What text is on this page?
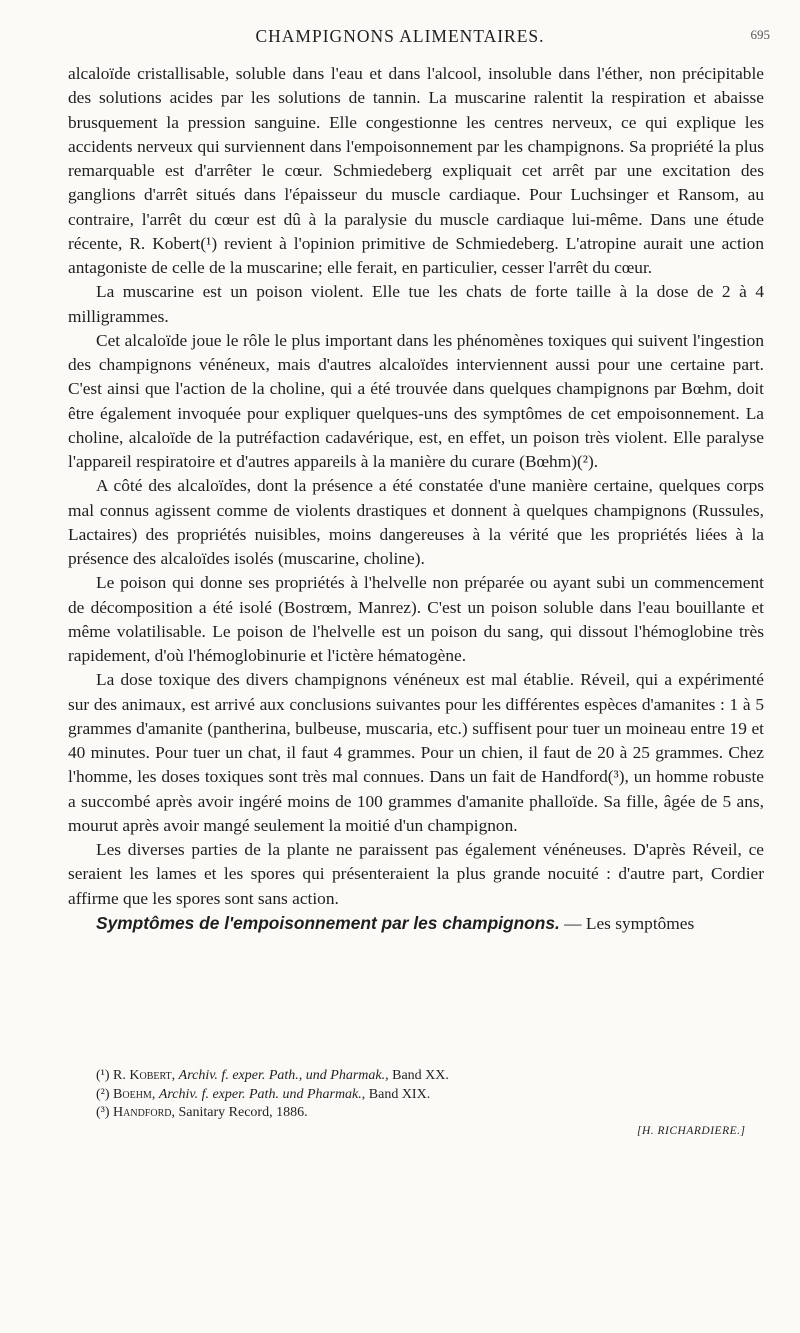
CHAMPIGNONS ALIMENTAIRES.	695

alcaloïde cristallisable, soluble dans l'eau et dans l'alcool, insoluble dans l'éther, non précipitable des solutions acides par les solutions de tannin. La muscarine ralentit la respiration et abaisse brusquement la pression sanguine. Elle congestionne les centres nerveux, ce qui explique les accidents nerveux qui surviennent dans l'empoisonnement par les champignons. Sa propriété la plus remarquable est d'arrêter le cœur. Schmiedeberg expliquait cet arrêt par une excitation des ganglions d'arrêt situés dans l'épaisseur du muscle cardiaque. Pour Luchsinger et Ransom, au contraire, l'arrêt du cœur est dû à la paralysie du muscle cardiaque lui-même. Dans une étude récente, R. Kobert(¹) revient à l'opinion primitive de Schmiedeberg. L'atropine aurait une action antagoniste de celle de la muscarine; elle ferait, en particulier, cesser l'arrêt du cœur.

La muscarine est un poison violent. Elle tue les chats de forte taille à la dose de 2 à 4 milligrammes.

Cet alcaloïde joue le rôle le plus important dans les phénomènes toxiques qui suivent l'ingestion des champignons vénéneux, mais d'autres alcaloïdes interviennent aussi pour une certaine part. C'est ainsi que l'action de la choline, qui a été trouvée dans quelques champignons par Bœhm, doit être également invoquée pour expliquer quelques-uns des symptômes de cet empoisonnement. La choline, alcaloïde de la putréfaction cadavérique, est, en effet, un poison très violent. Elle paralyse l'appareil respiratoire et d'autres appareils à la manière du curare (Bœhm)(²).

A côté des alcaloïdes, dont la présence a été constatée d'une manière certaine, quelques corps mal connus agissent comme de violents drastiques et donnent à quelques champignons (Russules, Lactaires) des propriétés nuisibles, moins dangereuses à la vérité que les propriétés liées à la présence des alcaloïdes isolés (muscarine, choline).

Le poison qui donne ses propriétés à l'helvelle non préparée ou ayant subi un commencement de décomposition a été isolé (Bostrœm, Manrez). C'est un poison soluble dans l'eau bouillante et même volatilisable. Le poison de l'helvelle est un poison du sang, qui dissout l'hémoglobine très rapidement, d'où l'hémoglobinurie et l'ictère hématogène.

La dose toxique des divers champignons vénéneux est mal établie. Réveil, qui a expérimenté sur des animaux, est arrivé aux conclusions suivantes pour les différentes espèces d'amanites : 1 à 5 grammes d'amanite (pantherina, bulbeuse, muscaria, etc.) suffisent pour tuer un moineau entre 19 et 40 minutes. Pour tuer un chat, il faut 4 grammes. Pour un chien, il faut de 20 à 25 grammes. Chez l'homme, les doses toxiques sont très mal connues. Dans un fait de Handford(³), un homme robuste a succombé après avoir ingéré moins de 100 grammes d'amanite phalloïde. Sa fille, âgée de 5 ans, mourut après avoir mangé seulement la moitié d'un champignon.

Les diverses parties de la plante ne paraissent pas également vénéneuses. D'après Réveil, ce seraient les lames et les spores qui présenteraient la plus grande nocuité : d'autre part, Cordier affirme que les spores sont sans action.

Symptômes de l'empoisonnement par les champignons. — Les symptômes

(¹) R. Kobert, Archiv. f. exper. Path., und Pharmak., Band XX.
(²) Boehm, Archiv. f. exper. Path. und Pharmak., Band XIX.
(³) Handford, Sanitary Record, 1886.
[H. RICHARDIERE.]
